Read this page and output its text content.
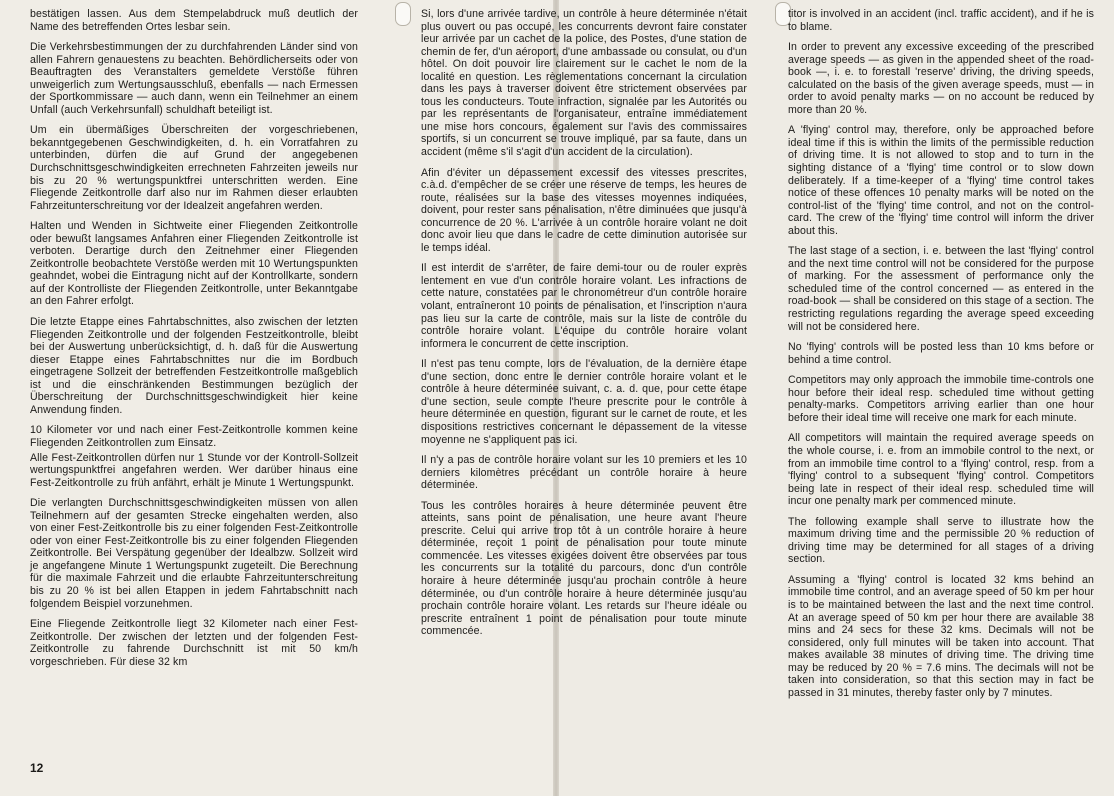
bestätigen lassen. Aus dem Stempelabdruck muß deutlich der Name des betreffenden Ortes lesbar sein.

Die Verkehrsbestimmungen der zu durchfahrenden Länder sind von allen Fahrern genauestens zu beachten. Behördlicherseits oder von Beauftragten des Veranstalters gemeldete Verstöße führen unweigerlich zum Wertungsausschluß, ebenfalls — nach Ermessen der Sportkommissare — auch dann, wenn ein Teilnehmer an einem Unfall (auch Verkehrsunfall) schuldhaft beteiligt ist.

Um ein übermäßiges Überschreiten der vorgeschriebenen, bekanntgegebenen Geschwindigkeiten, d. h. ein Vorratfahren zu unterbinden, dürfen die auf Grund der angegebenen Durchschnittsgeschwindigkeiten errechneten Fahrzeiten jeweils nur bis zu 20 % wertungspunktfrei unterschritten werden. Eine Fliegende Zeitkontrolle darf also nur im Rahmen dieser erlaubten Fahrzeitunterschreitung vor der Idealzeit angefahren werden.

Halten und Wenden in Sichtweite einer Fliegenden Zeitkontrolle oder bewußt langsames Anfahren einer Fliegenden Zeitkontrolle ist verboten. Derartige durch den Zeitnehmer einer Fliegenden Zeitkontrolle beobachtete Verstöße werden mit 10 Wertungspunkten geahndet, wobei die Eintragung nicht auf der Kontrollkarte, sondern auf der Kontrolliste der Fliegenden Zeitkontrolle, unter Bekanntgabe an den Fahrer erfolgt.

Die letzte Etappe eines Fahrtabschnittes, also zwischen der letzten Fliegenden Zeitkontrolle und der folgenden Festzeitkontrolle, bleibt bei der Auswertung unberücksichtigt, d. h. daß für die Auswertung dieser Etappe eines Fahrtabschnittes nur die im Bordbuch eingetragene Sollzeit der betreffenden Festzeitkontrolle maßgeblich ist und die einschränkenden Bestimmungen bezüglich der Überschreitung der Durchschnittsgeschwindigkeit hier keine Anwendung finden.

10 Kilometer vor und nach einer Fest-Zeitkontrolle kommen keine Fliegenden Zeitkontrollen zum Einsatz.

Alle Fest-Zeitkontrollen dürfen nur 1 Stunde vor der Kontroll-Sollzeit wertungspunktfrei angefahren werden. Wer darüber hinaus eine Fest-Zeitkontrolle zu früh anfährt, erhält je Minute 1 Wertungspunkt.

Die verlangten Durchschnittsgeschwindigkeiten müssen von allen Teilnehmern auf der gesamten Strecke eingehalten werden, also von einer Fest-Zeitkontrolle bis zu einer folgenden Fest-Zeitkontrolle oder von einer Fest-Zeitkontrolle bis zu einer folgenden Fliegenden Zeitkontrolle. Bei Verspätung gegenüber der Idealbzw. Sollzeit wird je angefangene Minute 1 Wertungspunkt zugeteilt. Die Berechnung für die maximale Fahrzeit und die erlaubte Fahrzeitunterschreitung bis zu 20 % ist bei allen Etappen in jedem Fahrtabschnitt nach folgendem Beispiel vorzunehmen.

Eine Fliegende Zeitkontrolle liegt 32 Kilometer nach einer Fest-Zeitkontrolle. Der zwischen der letzten und der folgenden Fest-Zeitkontrolle zu fahrende Durchschnitt ist mit 50 km/h vorgeschrieben. Für diese 32 km

Si, lors d'une arrivée tardive, un contrôle à heure déterminée n'était plus ouvert ou pas occupé, les concurrents devront faire constater leur arrivée par un cachet de la police, des Postes, d'une station de chemin de fer, d'un aéroport, d'une ambassade ou consulat, ou d'un hôtel. On doit pouvoir lire clairement sur le cachet le nom de la localité en question. Les règlementations concernant la circulation dans les pays à traverser doivent être strictement observées par tous les conducteurs. Toute infraction, signalée par les Autorités ou par les représentants de l'organisateur, entraîne immédiatement une mise hors concours, également sur l'avis des commissaires sportifs, si un concurrent se trouve impliqué, par sa faute, dans un accident (même s'il s'agit d'un accident de la circulation).

Afin d'éviter un dépassement excessif des vitesses prescrites, c.à.d. d'empêcher de se créer une réserve de temps, les heures de route, réalisées sur la base des vitesses moyennes indiquées, doivent, pour rester sans pénalisation, n'être diminuées que jusqu'à concurrence de 20 %. L'arrivée à un contrôle horaire volant ne doit donc avoir lieu que dans le cadre de cette diminution autorisée sur le temps idéal.

Il est interdit de s'arrêter, de faire demi-tour ou de rouler exprès lentement en vue d'un contrôle horaire volant. Les infractions de cette nature, constatées par le chronométreur d'un contrôle horaire volant, entraîneront 10 points de pénalisation, et l'inscription n'aura pas lieu sur la carte de contrôle, mais sur la liste de contrôle du contrôle horaire volant. L'équipe du contrôle horaire volant informera le concurrent de cette inscription.

Il n'est pas tenu compte, lors de l'évaluation, de la dernière étape d'une section, donc entre le dernier contrôle horaire volant et le contrôle à heure déterminée suivant, c. a. d. que, pour cette étape d'une section, seule compte l'heure prescrite pour le contrôle à heure déterminée en question, figurant sur le carnet de route, et les dispositions restrictives concernant le dépassement de la vitesse moyenne ne s'appliquent pas ici.

Il n'y a pas de contrôle horaire volant sur les 10 premiers et les 10 derniers kilomètres précédant un contrôle horaire à heure déterminée.

Tous les contrôles horaires à heure déterminée peuvent être atteints, sans point de pénalisation, une heure avant l'heure prescrite. Celui qui arrive trop tôt à un contrôle horaire à heure déterminée, reçoit 1 point de pénalisation pour toute minute commencée. Les vitesses exigées doivent être observées par tous les concurrents sur la totalité du parcours, donc d'un contrôle horaire à heure déterminée jusqu'au prochain contrôle à heure déterminée, ou d'un contrôle horaire à heure déterminée jusqu'au prochain contrôle horaire volant. Les retards sur l'heure idéale ou prescrite entraînent 1 point de pénalisation pour toute minute commencée.

titor is involved in an accident (incl. traffic accident), and if he is to blame.

In order to prevent any excessive exceeding of the prescribed average speeds — as given in the appended sheet of the road-book —, i. e. to forestall 'reserve' driving, the driving speeds, calculated on the basis of the given average speeds, must — in order to avoid penalty marks — on no account be reduced by more than 20 %.

A 'flying' control may, therefore, only be approached before ideal time if this is within the limits of the permissible reduction of driving time. It is not allowed to stop and to turn in the sighting distance of a 'flying' time control or to slow down deliberately. If a time-keeper of a 'flying' time control takes notice of these offences 10 penalty marks will be noted on the control-list of the 'flying' time control, and not on the control-card. The crew of the 'flying' time control will inform the driver about this.

The last stage of a section, i. e. between the last 'flying' control and the next time control will not be considered for the purpose of marking. For the assessment of performance only the scheduled time of the control concerned — as entered in the road-book — shall be considered on this stage of a section. The restricting regulations regarding the average speed exceeding will not be considered here.

No 'flying' controls will be posted less than 10 kms before or behind a time control.

Competitors may only approach the immobile time-controls one hour before their ideal resp. scheduled time without getting penalty-marks. Competitors arriving earlier than one hour before their ideal time will receive one mark for each minute.

All competitors will maintain the required average speeds on the whole course, i. e. from an immobile control to the next, or from an immobile time control to a 'flying' control, resp. from a 'flying' control to a subsequent 'flying' control. Competitors being late in respect of their ideal resp. scheduled time will incur one penalty mark per commenced minute.

The following example shall serve to illustrate how the maximum driving time and the permissible 20 % reduction of driving time may be determined for all stages of a driving section.

Assuming a 'flying' control is located 32 kms behind an immobile time control, and an average speed of 50 km per hour is to be maintained between the last and the next time control. At an average speed of 50 km per hour there are available 38 mins and 24 secs for these 32 kms. Decimals will not be considered, only full minutes will be taken into account. That makes available 38 minutes of driving time. The driving time may be reduced by 20 % = 7.6 mins. The decimals will not be taken into consideration, so that this section may in fact be passed in 31 minutes, thereby faster only by 7 minutes.

12
